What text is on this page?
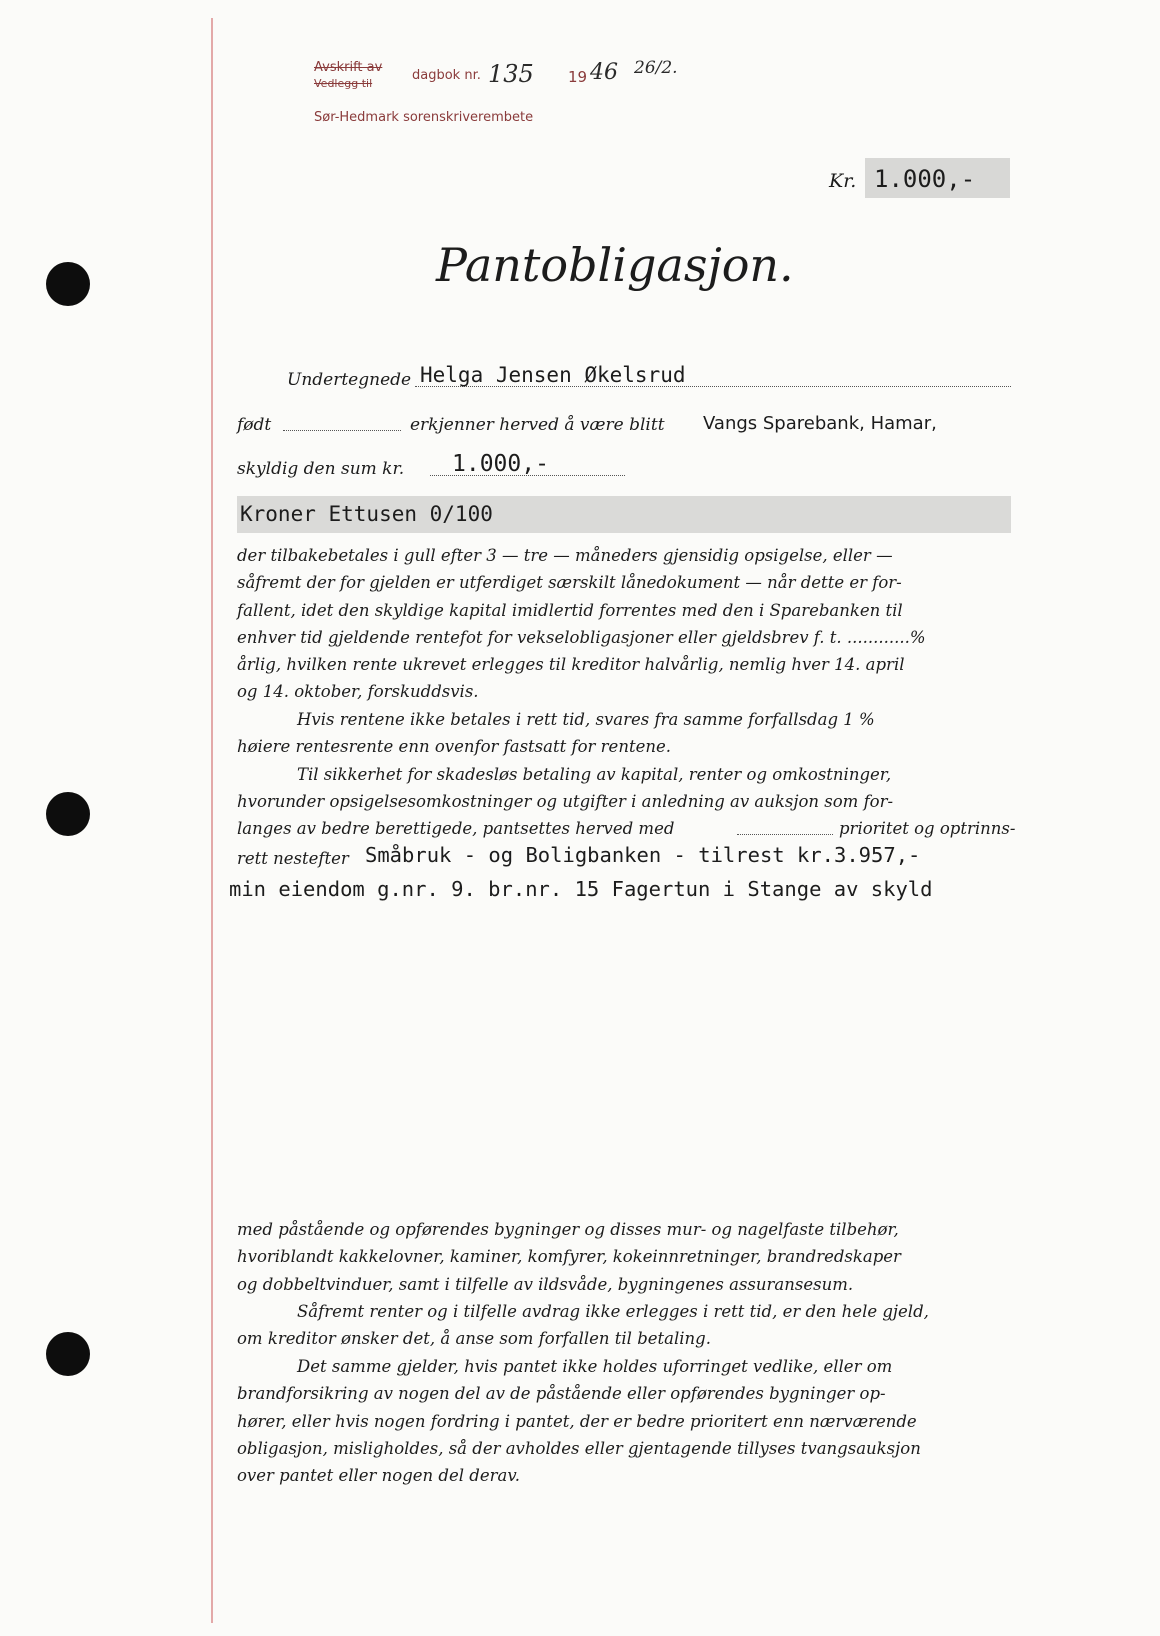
Avskrift av
Vedlegg til
dagbok nr. 135 19 46 26/2.
Sør-Hedmark sorenskriverembete
Kr. 1.000,-
Pantobligasjon.
Undertegnede Helga Jensen Økelsrud
født	erkjenner herved å være blitt Vangs Sparebank, Hamar,
skyldig den sum kr. 1.000,-
Kroner Ettusen 0/100

der tilbakebetales i gull efter 3 — tre — måneders gjensidig opsigelse, eller —

såfremt der for gjelden er utferdiget særskilt lånedokument — når dette er for-

fallent, idet den skyldige kapital imidlertid forrentes med den i Sparebanken til

enhver tid gjeldende rentefot for vekselobligasjoner eller gjeldsbrev f. t. ............%

årlig, hvilken rente ukrevet erlegges til kreditor halvårlig, nemlig hver 14. april

og 14. oktober, forskuddsvis.

Hvis rentene ikke betales i rett tid, svares fra samme forfallsdag 1 %

høiere rentesrente enn ovenfor fastsatt for rentene.

Til sikkerhet for skadesløs betaling av kapital, renter og omkostninger,

hvorunder opsigelsesomkostninger og utgifter i anledning av auksjon som for-

langes av bedre berettigede, pantsettes herved med	prioritet og optrinns-
rett nestefter Småbruk - og Boligbanken - tilrest kr.3.957,-
min eiendom g.nr. 9. br.nr. 15 Fagertun i Stange av skyld

med påstående og opførendes bygninger og disses mur- og nagelfaste tilbehør,

hvoriblandt kakkelovner, kaminer, komfyrer, kokeinnretninger, brandredskaper

og dobbeltvinduer, samt i tilfelle av ildsvåde, bygningenes assuransesum.

Såfremt renter og i tilfelle avdrag ikke erlegges i rett tid, er den hele gjeld,

om kreditor ønsker det, å anse som forfallen til betaling.

Det samme gjelder, hvis pantet ikke holdes uforringet vedlike, eller om

brandforsikring av nogen del av de påstående eller opførendes bygninger op-

hører, eller hvis nogen fordring i pantet, der er bedre prioritert enn nærværende

obligasjon, misligholdes, så der avholdes eller gjentagende tillyses tvangsauksjon

over pantet eller nogen del derav.
